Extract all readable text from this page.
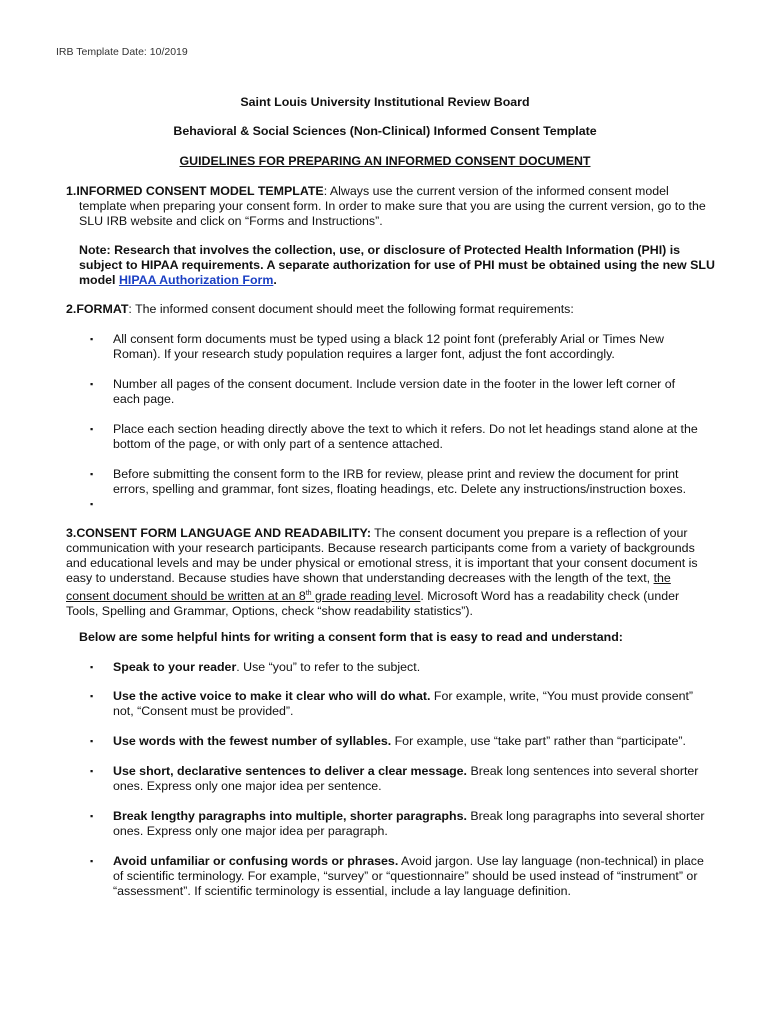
IRB Template Date: 10/2019
Saint Louis University Institutional Review Board
Behavioral & Social Sciences (Non-Clinical) Informed Consent Template
GUIDELINES FOR PREPARING AN INFORMED CONSENT DOCUMENT
1.INFORMED CONSENT MODEL TEMPLATE: Always use the current version of the informed consent model
template when preparing your consent form. In order to make sure that you are using the current version, go to the SLU IRB website and click on “Forms and Instructions”.
Note: Research that involves the collection, use, or disclosure of Protected Health Information (PHI) is subject to HIPAA requirements. A separate authorization for use of PHI must be obtained using the new SLU model HIPAA Authorization Form.
2.FORMAT: The informed consent document should meet the following format requirements:
▪ All consent form documents must be typed using a black 12 point font (preferably Arial or Times New Roman). If your research study population requires a larger font, adjust the font accordingly.
▪ Number all pages of the consent document. Include version date in the footer in the lower left corner of each page.
▪ Place each section heading directly above the text to which it refers. Do not let headings stand alone at the bottom of the page, or with only part of a sentence attached.
▪ Before submitting the consent form to the IRB for review, please print and review the document for print errors, spelling and grammar, font sizes, floating headings, etc. Delete any instructions/instruction boxes.
▪
3.CONSENT FORM LANGUAGE AND READABILITY: The consent document you prepare is a reflection of your communication with your research participants. Because research participants come from a variety of backgrounds and educational levels and may be under physical or emotional stress, it is important that your consent document is easy to understand. Because studies have shown that understanding decreases with the length of the text, the consent document should be written at an 8th grade reading level. Microsoft Word has a readability check (under Tools, Spelling and Grammar, Options, check “show readability statistics”).
Below are some helpful hints for writing a consent form that is easy to read and understand:
▪ Speak to your reader. Use “you” to refer to the subject.
▪ Use the active voice to make it clear who will do what. For example, write, “You must provide consent” not, “Consent must be provided”.
▪ Use words with the fewest number of syllables. For example, use “take part” rather than “participate”.
▪ Use short, declarative sentences to deliver a clear message. Break long sentences into several shorter ones. Express only one major idea per sentence.
▪ Break lengthy paragraphs into multiple, shorter paragraphs. Break long paragraphs into several shorter ones. Express only one major idea per paragraph.
▪ Avoid unfamiliar or confusing words or phrases. Avoid jargon. Use lay language (non-technical) in place of scientific terminology. For example, “survey” or “questionnaire” should be used instead of “instrument” or “assessment”. If scientific terminology is essential, include a lay language definition.
